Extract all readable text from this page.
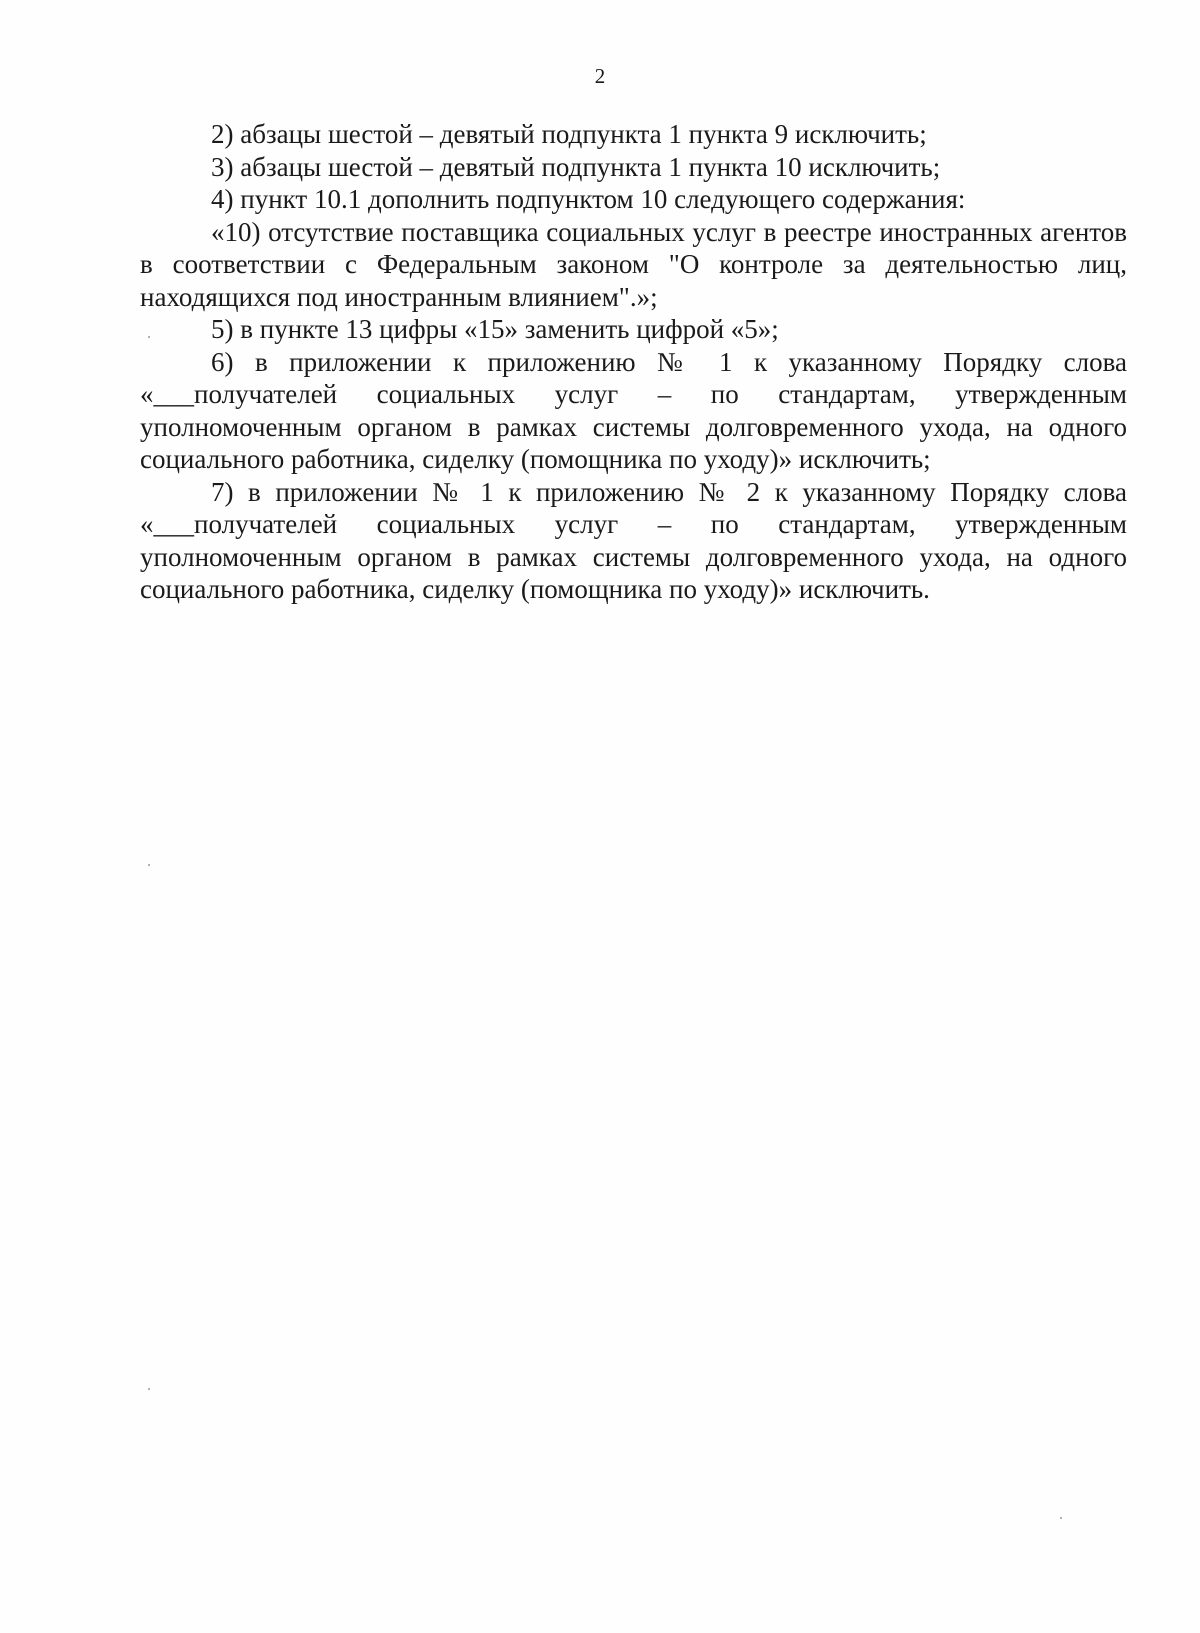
2

2) абзацы шестой – девятый подпункта 1 пункта 9 исключить;

3) абзацы шестой – девятый подпункта 1 пункта 10 исключить;

4) пункт 10.1 дополнить подпунктом 10 следующего содержания:

«10) отсутствие поставщика социальных услуг в реестре иностранных агентов в соответствии с Федеральным законом "О контроле за деятельностью лиц, находящихся под иностранным влиянием".»;

5) в пункте 13 цифры «15» заменить цифрой «5»;

6) в приложении к приложению № 1 к указанному Порядку слова «___получателей социальных услуг – по стандартам, утвержденным уполномоченным органом в рамках системы долговременного ухода, на одного социального работника, сиделку (помощника по уходу)» исключить;

7) в приложении № 1 к приложению № 2 к указанному Порядку слова «___получателей социальных услуг – по стандартам, утвержденным уполномоченным органом в рамках системы долговременного ухода, на одного социального работника, сиделку (помощника по уходу)» исключить.
